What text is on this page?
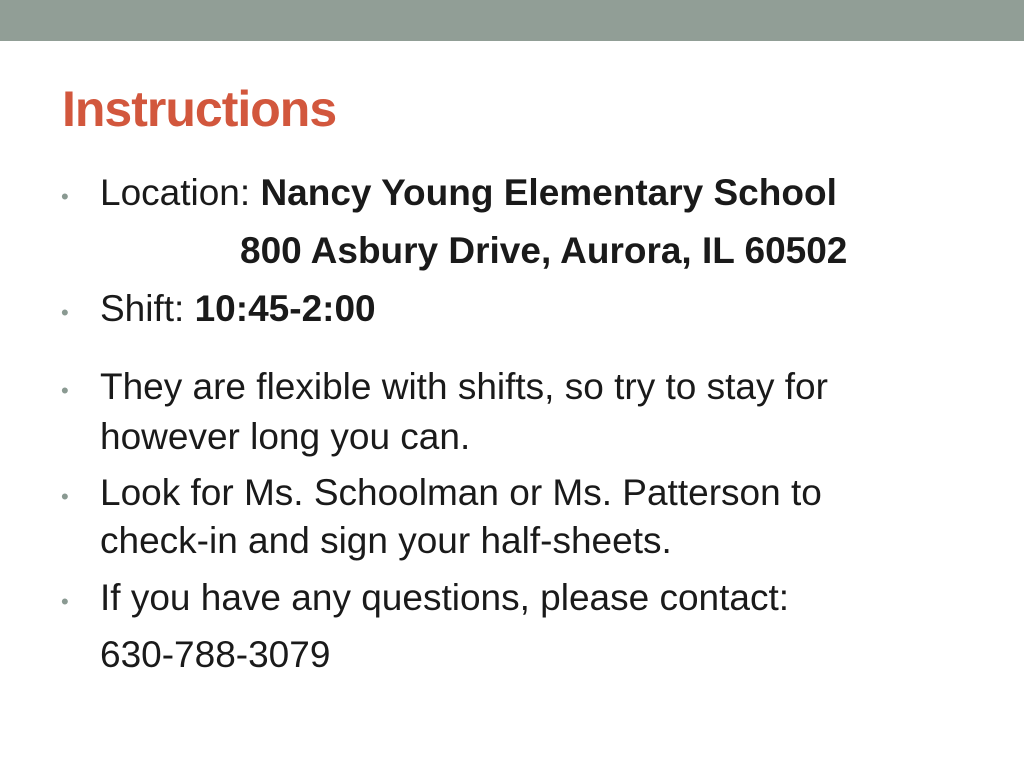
Instructions
• Location: Nancy Young Elementary School
800 Asbury Drive, Aurora, IL 60502
• Shift: 10:45-2:00
• They are flexible with shifts, so try to stay for
however long you can.
• Look for Ms. Schoolman or Ms. Patterson to
check-in and sign your half-sheets.
• If you have any questions, please contact:
630-788-3079
